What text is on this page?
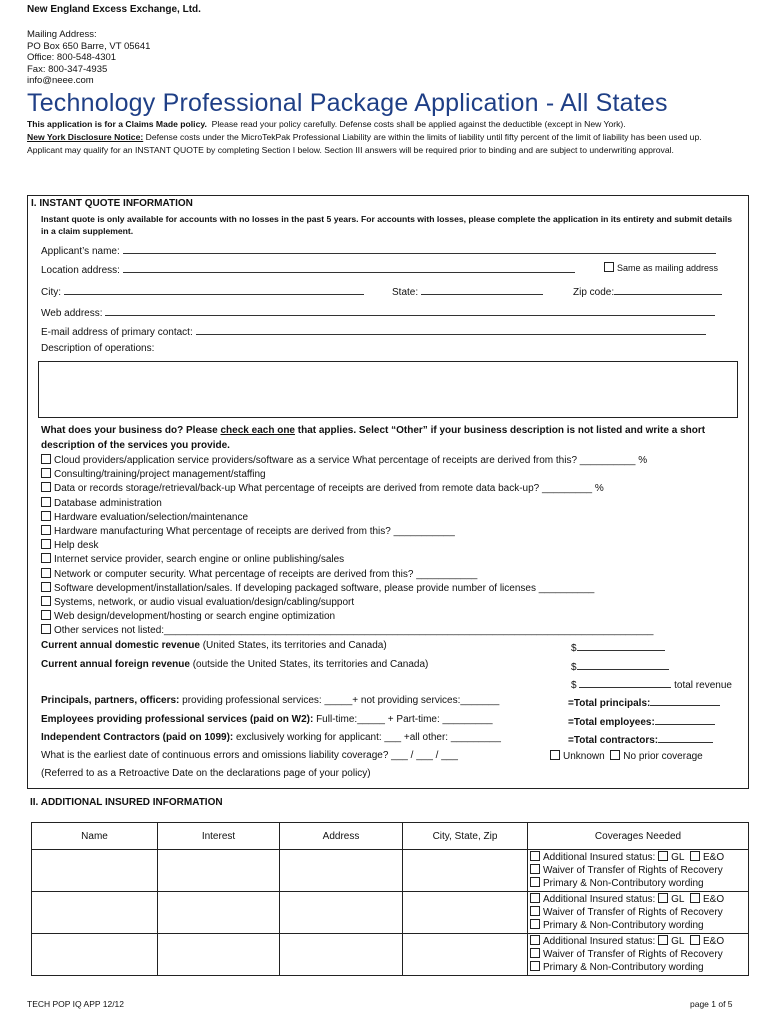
New England Excess Exchange, Ltd.
Mailing Address:
PO Box 650 Barre, VT 05641
Office: 800-548-4301
Fax: 800-347-4935
info@neee.com
Technology Professional Package Application - All States
This application is for a Claims Made policy. Please read your policy carefully. Defense costs shall be applied against the deductible (except in New York).
New York Disclosure Notice: Defense costs under the MicroTekPak Professional Liability are within the limits of liability until fifty percent of the limit of liability has been used up.
Applicant may qualify for an INSTANT QUOTE by completing Section I below. Section III answers will be required prior to binding and are subject to underwriting approval.
I. INSTANT QUOTE INFORMATION
Instant quote is only available for accounts with no losses in the past 5 years. For accounts with losses, please complete the application in its entirety and submit details in a claim supplement.
Applicant’s name:
Location address:	Same as mailing address
City:	State:	Zip code:
Web address:
E-mail address of primary contact:
Description of operations:
What does your business do? Please check each one that applies. Select “Other” if your business description is not listed and write a short description of the services you provide.
Cloud providers/application service providers/software as a service What percentage of receipts are derived from this? __________ %
Consulting/training/project management/staffing
Data or records storage/retrieval/back-up What percentage of receipts are derived from remote data back-up? _________ %
Database administration
Hardware evaluation/selection/maintenance
Hardware manufacturing What percentage of receipts are derived from this? ___________
Help desk
Internet service provider, search engine or online publishing/sales
Network or computer security. What percentage of receipts are derived from this? ___________
Software development/installation/sales. If developing packaged software, please provide number of licenses __________
Systems, network, or audio visual evaluation/design/cabling/support
Web design/development/hosting or search engine optimization
Other services not listed:________________________________________________________________________________________
Current annual domestic revenue (United States, its territories and Canada)	$
Current annual foreign revenue (outside the United States, its territories and Canada)	$
$	total revenue
Principals, partners, officers: providing professional services: _____+ not providing services:_______	=Total principals:
Employees providing professional services (paid on W2): Full-time:_____ + Part-time: _________	=Total employees:
Independent Contractors (paid on 1099): exclusively working for applicant: ___ +all other: _________	=Total contractors:
What is the earliest date of continuous errors and omissions liability coverage? ___ / ___ / ___	Unknown No prior coverage
(Referred to as a Retroactive Date on the declarations page of your policy)
II. ADDITIONAL INSURED INFORMATION
Name	Interest	Address	City, State, Zip	Coverages Needed

				Additional Insured status: GL E&O
Waiver of Transfer of Rights of Recovery
Primary & Non-Contributory wording

				Additional Insured status: GL E&O
Waiver of Transfer of Rights of Recovery
Primary & Non-Contributory wording

				Additional Insured status: GL E&O
Waiver of Transfer of Rights of Recovery
Primary & Non-Contributory wording
TECH POP IQ APP 12/12	page 1 of 5
